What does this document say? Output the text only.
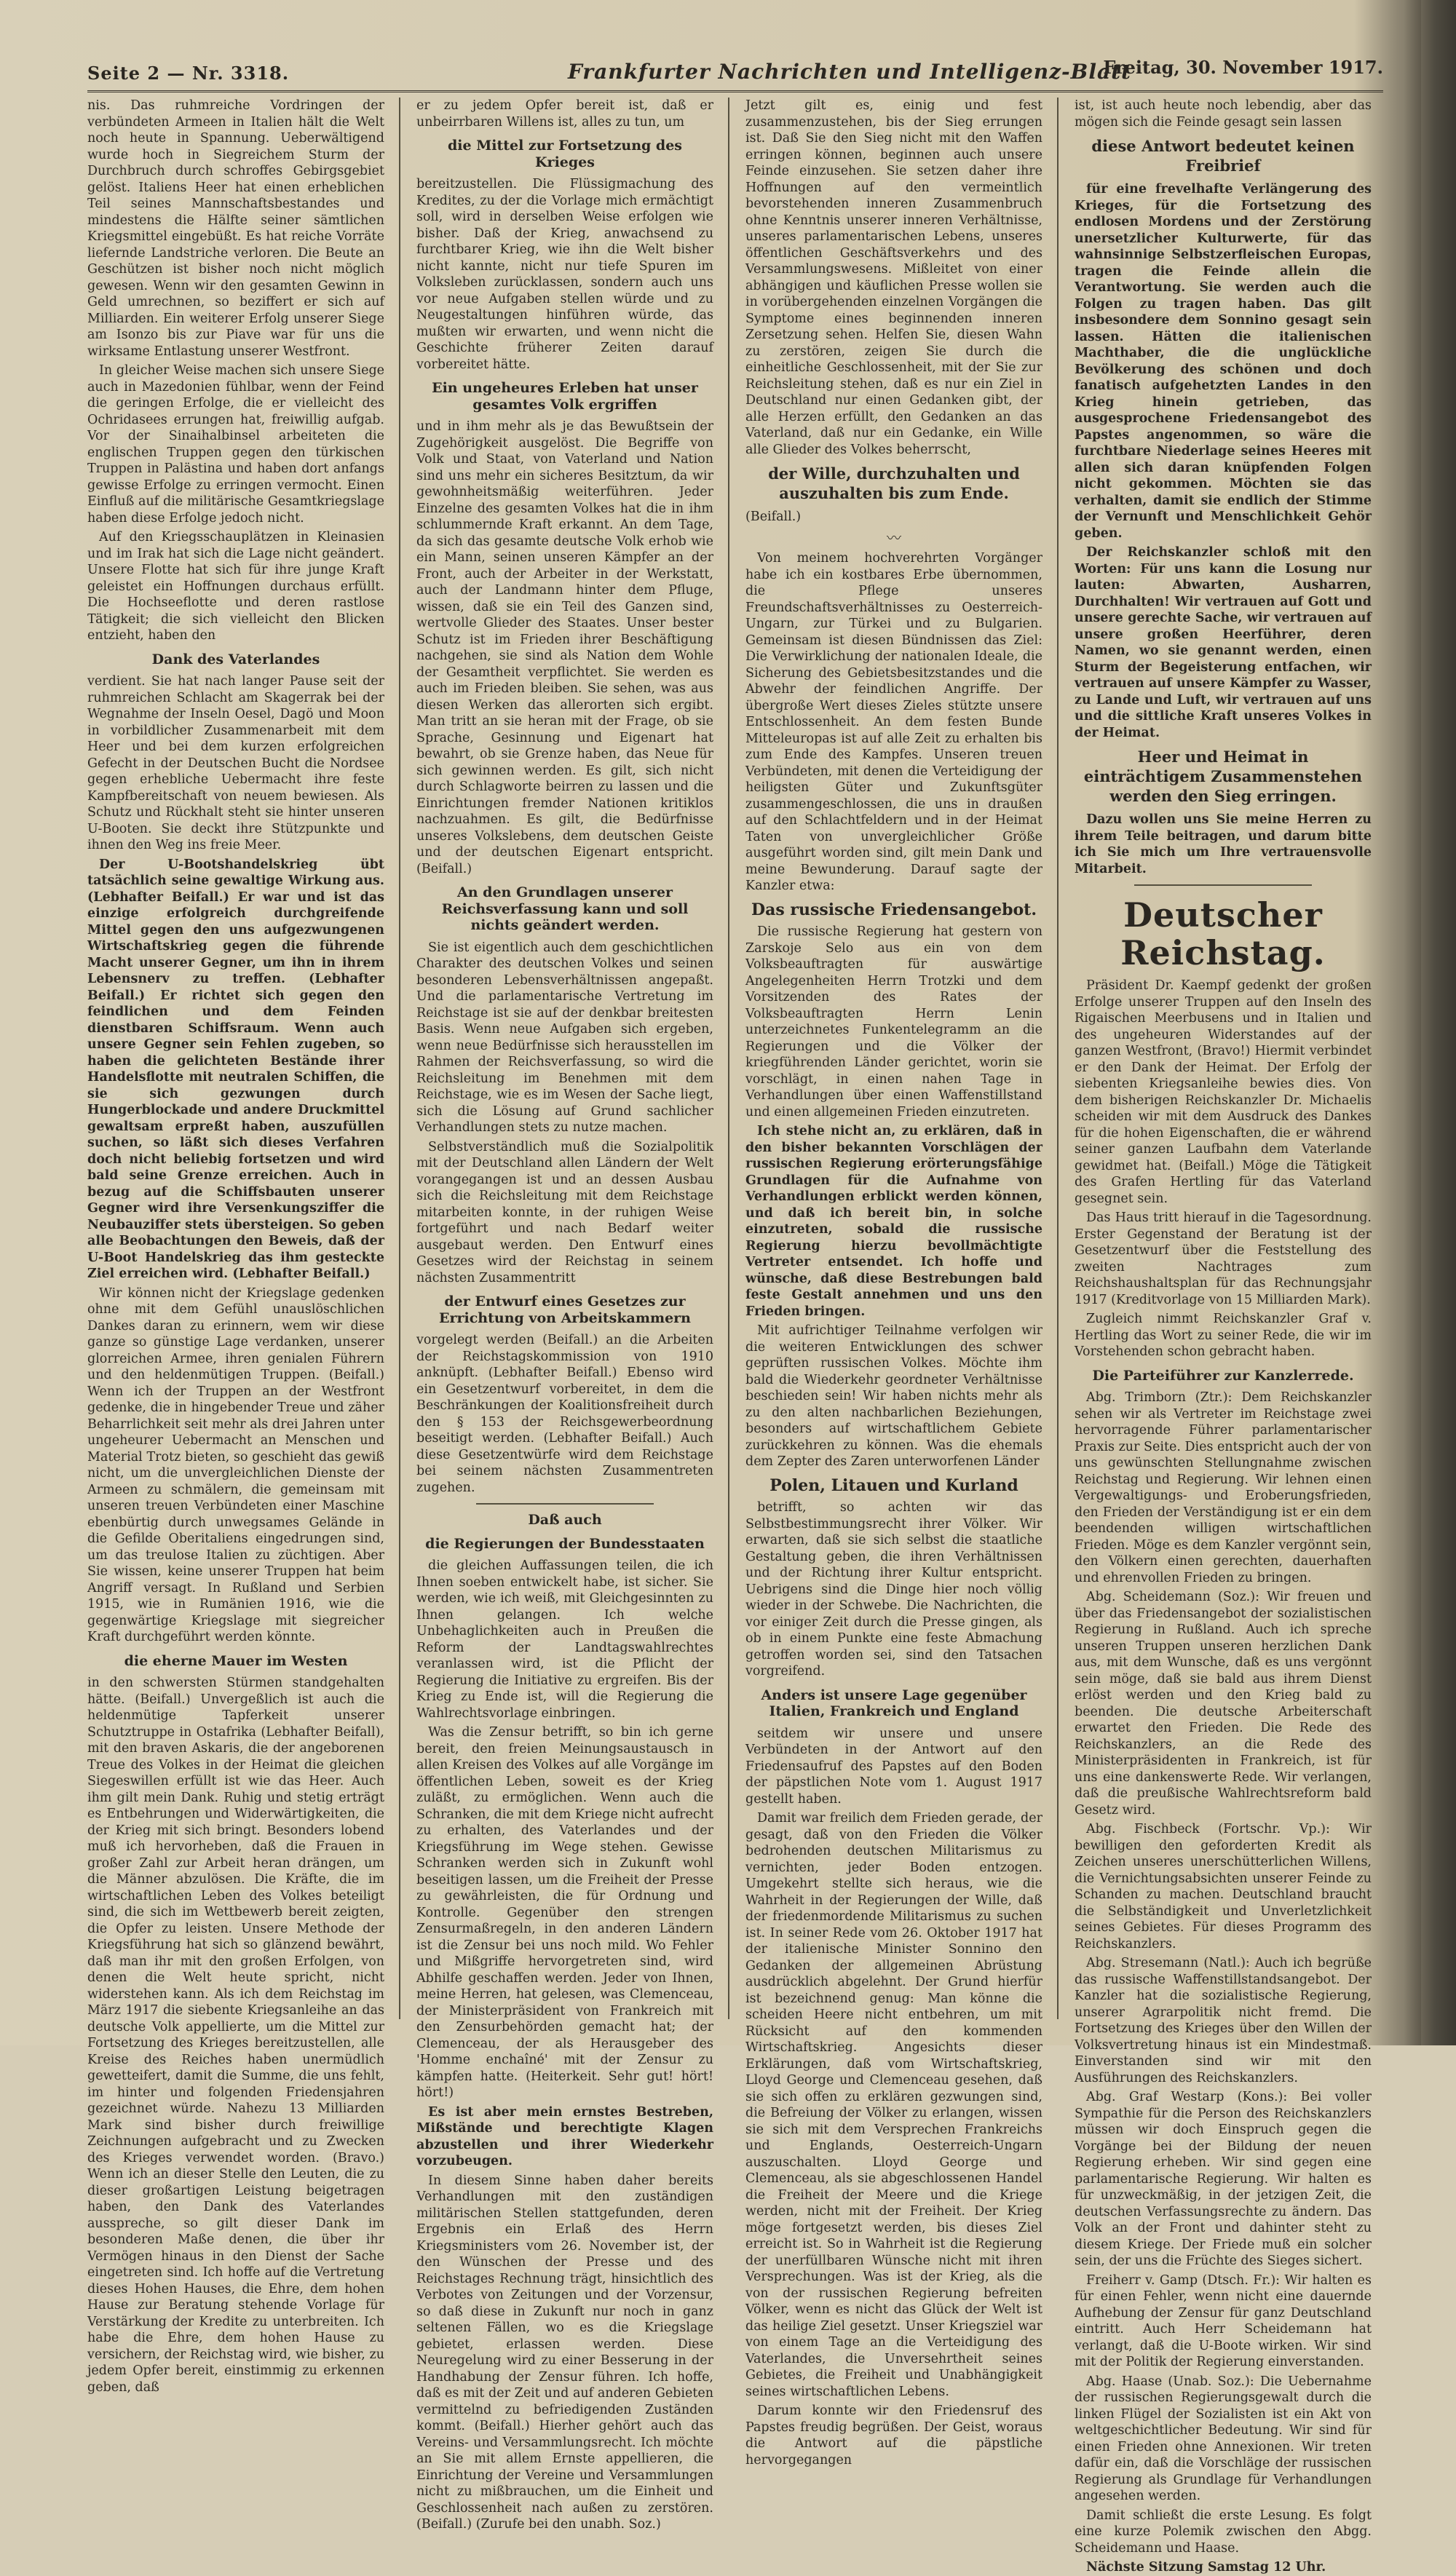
Seite 2 — Nr. 3318.	Frankfurter Nachrichten und Intelligenz-Blatt
Freitag, 30. November 1917.

nis. Das ruhmreiche Vordringen der verbündeten Armeen in Italien hält die Welt noch heute in Spannung. Ueberwältigend wurde hoch in Siegreichem Sturm der Durchbruch durch schroffes Gebirgsgebiet gelöst. Italiens Heer hat einen erheblichen Teil seines Mannschaftsbestandes und mindestens die Hälfte seiner sämtlichen Kriegsmittel eingebüßt. Es hat reiche Vorräte liefernde Landstriche verloren. Die Beute an Geschützen ist bisher noch nicht möglich gewesen. Wenn wir den gesamten Gewinn in Geld umrechnen, so beziffert er sich auf Milliarden. Ein weiterer Erfolg unserer Siege am Isonzo bis zur Piave war für uns die wirksame Entlastung unserer Westfront.

In gleicher Weise machen sich unsere Siege auch in Mazedonien fühlbar, wenn der Feind die geringen Erfolge, die er vielleicht des Ochridasees errungen hat, freiwillig aufgab. Vor der Sinaihalbinsel arbeiteten die englischen Truppen gegen den türkischen Truppen in Palästina und haben dort anfangs gewisse Erfolge zu erringen vermocht. Einen Einfluß auf die militärische Gesamtkriegslage haben diese Erfolge jedoch nicht.

Auf den Kriegsschauplätzen in Kleinasien und im Irak hat sich die Lage nicht geändert. Unsere Flotte hat sich für ihre junge Kraft geleistet ein Hoffnungen durchaus erfüllt. Die Hochseeflotte und deren rastlose Tätigkeit; die sich vielleicht den Blicken entzieht, haben den

Dank des Vaterlandes

verdient. Sie hat nach langer Pause seit der ruhmreichen Schlacht am Skagerrak bei der Wegnahme der Inseln Oesel, Dagö und Moon in vorbildlicher Zusammenarbeit mit dem Heer und bei dem kurzen erfolgreichen Gefecht in der Deutschen Bucht die Nordsee gegen erhebliche Uebermacht ihre feste Kampfbereitschaft von neuem bewiesen. Als Schutz und Rückhalt steht sie hinter unseren U-Booten. Sie deckt ihre Stützpunkte und ihnen den Weg ins freie Meer.

Der U-Bootshandelskrieg übt tatsächlich seine gewaltige Wirkung aus. (Lebhafter Beifall.) Er war und ist das einzige erfolgreich durchgreifende Mittel gegen den uns aufgezwungenen Wirtschaftskrieg gegen die führende Macht unserer Gegner, um ihn in ihrem Lebensnerv zu treffen. (Lebhafter Beifall.) Er richtet sich gegen den feindlichen und dem Feinden dienstbaren Schiffsraum. Wenn auch unsere Gegner sein Fehlen zugeben, so haben die gelichteten Bestände ihrer Handelsflotte mit neutralen Schiffen, die sie sich gezwungen durch Hungerblockade und andere Druckmittel gewaltsam erpreßt haben, auszufüllen suchen, so läßt sich dieses Verfahren doch nicht beliebig fortsetzen und wird bald seine Grenze erreichen. Auch in bezug auf die Schiffsbauten unserer Gegner wird ihre Versenkungsziffer die Neubauziffer stets übersteigen. So geben alle Beobachtungen den Beweis, daß der U-Boot Handelskrieg das ihm gesteckte Ziel erreichen wird. (Lebhafter Beifall.)

Wir können nicht der Kriegslage gedenken ohne mit dem Gefühl unauslöschlichen Dankes daran zu erinnern, wem wir diese ganze so günstige Lage verdanken, unserer glorreichen Armee, ihren genialen Führern und den heldenmütigen Truppen. (Beifall.) Wenn ich der Truppen an der Westfront gedenke, die in hingebender Treue und zäher Beharrlichkeit seit mehr als drei Jahren unter ungeheurer Uebermacht an Menschen und Material Trotz bieten, so geschieht das gewiß nicht, um die unvergleichlichen Dienste der Armeen zu schmälern, die gemeinsam mit unseren treuen Verbündeten einer Maschine ebenbürtig durch unwegsames Gelände in die Gefilde Oberitaliens eingedrungen sind, um das treulose Italien zu züchtigen. Aber Sie wissen, keine unserer Truppen hat beim Angriff versagt. In Rußland und Serbien 1915, wie in Rumänien 1916, wie die gegenwärtige Kriegslage mit siegreicher Kraft durchgeführt werden könnte.

die eherne Mauer im Westen

in den schwersten Stürmen standgehalten hätte. (Beifall.) Unvergeßlich ist auch die heldenmütige Tapferkeit unserer Schutztruppe in Ostafrika (Lebhafter Beifall), mit den braven Askaris, die der angeborenen Treue des Volkes in der Heimat die gleichen Siegeswillen erfüllt ist wie das Heer. Auch ihm gilt mein Dank. Ruhig und stetig erträgt es Entbehrungen und Widerwärtigkeiten, die der Krieg mit sich bringt. Besonders lobend muß ich hervorheben, daß die Frauen in großer Zahl zur Arbeit heran drängen, um die Männer abzulösen. Die Kräfte, die im wirtschaftlichen Leben des Volkes beteiligt sind, die sich im Wettbewerb bereit zeigten, die Opfer zu leisten. Unsere Methode der Kriegsführung hat sich so glänzend bewährt, daß man ihr mit den großen Erfolgen, von denen die Welt heute spricht, nicht widerstehen kann. Als ich dem Reichstag im März 1917 die siebente Kriegsanleihe an das deutsche Volk appellierte, um die Mittel zur Fortsetzung des Krieges bereitzustellen, alle Kreise des Reiches haben unermüdlich gewetteifert, damit die Summe, die uns fehlt, im hinter und folgenden Friedensjahren gezeichnet würde. Nahezu 13 Milliarden Mark sind bisher durch freiwillige Zeichnungen aufgebracht und zu Zwecken des Krieges verwendet worden. (Bravo.) Wenn ich an dieser Stelle den Leuten, die zu dieser großartigen Leistung beigetragen haben, den Dank des Vaterlandes ausspreche, so gilt dieser Dank im besonderen Maße denen, die über ihr Vermögen hinaus in den Dienst der Sache eingetreten sind. Ich hoffe auf die Vertretung dieses Hohen Hauses, die Ehre, dem hohen Hause zur Beratung stehende Vorlage für Verstärkung der Kredite zu unterbreiten. Ich habe die Ehre, dem hohen Hause zu versichern, der Reichstag wird, wie bisher, zu jedem Opfer bereit, einstimmig zu erkennen geben, daß

er zu jedem Opfer bereit ist, daß er unbeirrbaren Willens ist, alles zu tun, um

die Mittel zur Fortsetzung des Krieges

bereitzustellen. Die Flüssigmachung des Kredites, zu der die Vorlage mich ermächtigt soll, wird in derselben Weise erfolgen wie bisher. Daß der Krieg, anwachsend zu furchtbarer Krieg, wie ihn die Welt bisher nicht kannte, nicht nur tiefe Spuren im Volksleben zurücklassen, sondern auch uns vor neue Aufgaben stellen würde und zu Neugestaltungen hinführen würde, das mußten wir erwarten, und wenn nicht die Geschichte früherer Zeiten darauf vorbereitet hätte.

Ein ungeheures Erleben hat unser gesamtes Volk ergriffen

und in ihm mehr als je das Bewußtsein der Zugehörigkeit ausgelöst. Die Begriffe von Volk und Staat, von Vaterland und Nation sind uns mehr ein sicheres Besitztum, da wir gewohnheitsmäßig weiterführen. Jeder Einzelne des gesamten Volkes hat die in ihm schlummernde Kraft erkannt. An dem Tage, da sich das gesamte deutsche Volk erhob wie ein Mann, seinen unseren Kämpfer an der Front, auch der Arbeiter in der Werkstatt, auch der Landmann hinter dem Pfluge, wissen, daß sie ein Teil des Ganzen sind, wertvolle Glieder des Staates. Unser bester Schutz ist im Frieden ihrer Beschäftigung nachgehen, sie sind als Nation dem Wohle der Gesamtheit verpflichtet. Sie werden es auch im Frieden bleiben. Sie sehen, was aus diesen Werken das allerorten sich ergibt. Man tritt an sie heran mit der Frage, ob sie Sprache, Gesinnung und Eigenart hat bewahrt, ob sie Grenze haben, das Neue für sich gewinnen werden. Es gilt, sich nicht durch Schlagworte beirren zu lassen und die Einrichtungen fremder Nationen kritiklos nachzuahmen. Es gilt, die Bedürfnisse unseres Volkslebens, dem deutschen Geiste und der deutschen Eigenart entspricht. (Beifall.)

An den Grundlagen unserer Reichsverfassung kann und soll nichts geändert werden.

Sie ist eigentlich auch dem geschichtlichen Charakter des deutschen Volkes und seinen besonderen Lebensverhältnissen angepaßt. Und die parlamentarische Vertretung im Reichstage ist sie auf der denkbar breitesten Basis. Wenn neue Aufgaben sich ergeben, wenn neue Bedürfnisse sich herausstellen im Rahmen der Reichsverfassung, so wird die Reichsleitung im Benehmen mit dem Reichstage, wie es im Wesen der Sache liegt, sich die Lösung auf Grund sachlicher Verhandlungen stets zu nutze machen.

Selbstverständlich muß die Sozialpolitik mit der Deutschland allen Ländern der Welt vorangegangen ist und an dessen Ausbau sich die Reichsleitung mit dem Reichstage mitarbeiten konnte, in der ruhigen Weise fortgeführt und nach Bedarf weiter ausgebaut werden. Den Entwurf eines Gesetzes wird der Reichstag in seinem nächsten Zusammentritt

der Entwurf eines Gesetzes zur Errichtung von Arbeitskammern

vorgelegt werden (Beifall.) an die Arbeiten der Reichstagskommission von 1910 anknüpft. (Lebhafter Beifall.) Ebenso wird ein Gesetzentwurf vorbereitet, in dem die Beschränkungen der Koalitionsfreiheit durch den § 153 der Reichsgewerbeordnung beseitigt werden. (Lebhafter Beifall.) Auch diese Gesetzentwürfe wird dem Reichstage bei seinem nächsten Zusammentreten zugehen.

Daß auch
die Regierungen der Bundesstaaten

die gleichen Auffassungen teilen, die ich Ihnen soeben entwickelt habe, ist sicher. Sie werden, wie ich weiß, mit Gleichgesinnten zu Ihnen gelangen. Ich welche Unbehaglichkeiten auch in Preußen die Reform der Landtagswahlrechtes veranlassen wird, ist die Pflicht der Regierung die Initiative zu ergreifen. Bis der Krieg zu Ende ist, will die Regierung die Wahlrechtsvorlage einbringen.

Was die Zensur betrifft, so bin ich gerne bereit, den freien Meinungsaustausch in allen Kreisen des Volkes auf alle Vorgänge im öffentlichen Leben, soweit es der Krieg zuläßt, zu ermöglichen. Wenn auch die Schranken, die mit dem Kriege nicht aufrecht zu erhalten, des Vaterlandes und der Kriegsführung im Wege stehen. Gewisse Schranken werden sich in Zukunft wohl beseitigen lassen, um die Freiheit der Presse zu gewährleisten, die für Ordnung und Kontrolle. Gegenüber den strengen Zensurmaßregeln, in den anderen Ländern ist die Zensur bei uns noch mild. Wo Fehler und Mißgriffe hervorgetreten sind, wird Abhilfe geschaffen werden. Jeder von Ihnen, meine Herren, hat gelesen, was Clemenceau, der Ministerpräsident von Frankreich mit den Zensurbehörden gemacht hat; der Clemenceau, der als Herausgeber des 'Homme enchaîné' mit der Zensur zu kämpfen hatte. (Heiterkeit. Sehr gut! hört! hört!)

Es ist aber mein ernstes Bestreben, Mißstände und berechtigte Klagen abzustellen und ihrer Wiederkehr vorzubeugen.

In diesem Sinne haben daher bereits Verhandlungen mit den zuständigen militärischen Stellen stattgefunden, deren Ergebnis ein Erlaß des Herrn Kriegsministers vom 26. November ist, der den Wünschen der Presse und des Reichstages Rechnung trägt, hinsichtlich des Verbotes von Zeitungen und der Vorzensur, so daß diese in Zukunft nur noch in ganz seltenen Fällen, wo es die Kriegslage gebietet, erlassen werden. Diese Neuregelung wird zu einer Besserung in der Handhabung der Zensur führen. Ich hoffe, daß es mit der Zeit und auf anderen Gebieten vermittelnd zu befriedigenden Zuständen kommt. (Beifall.) Hierher gehört auch das Vereins- und Versammlungsrecht. Ich möchte an Sie mit allem Ernste appellieren, die Einrichtung der Vereine und Versammlungen nicht zu mißbrauchen, um die Einheit und Geschlossenheit nach außen zu zerstören. (Beifall.) (Zurufe bei den unabh. Soz.)

Jetzt gilt es, einig und fest zusammenzustehen, bis der Sieg errungen ist. Daß Sie den Sieg nicht mit den Waffen erringen können, beginnen auch unsere Feinde einzusehen. Sie setzen daher ihre Hoffnungen auf den vermeintlich bevorstehenden inneren Zusammenbruch ohne Kenntnis unserer inneren Verhältnisse, unseres parlamentarischen Lebens, unseres öffentlichen Geschäftsverkehrs und des Versammlungswesens. Mißleitet von einer abhängigen und käuflichen Presse wollen sie in vorübergehenden einzelnen Vorgängen die Symptome eines beginnenden inneren Zersetzung sehen. Helfen Sie, diesen Wahn zu zerstören, zeigen Sie durch die einheitliche Geschlossenheit, mit der Sie zur Reichsleitung stehen, daß es nur ein Ziel in Deutschland nur einen Gedanken gibt, der alle Herzen erfüllt, den Gedanken an das Vaterland, daß nur ein Gedanke, ein Wille alle Glieder des Volkes beherrscht,

der Wille, durchzuhalten und auszuhalten bis zum Ende.

(Beifall.)

〰

Von meinem hochverehrten Vorgänger habe ich ein kostbares Erbe übernommen, die Pflege unseres Freundschaftsverhältnisses zu Oesterreich-Ungarn, zur Türkei und zu Bulgarien. Gemeinsam ist diesen Bündnissen das Ziel: Die Verwirklichung der nationalen Ideale, die Sicherung des Gebietsbesitzstandes und die Abwehr der feindlichen Angriffe. Der übergroße Wert dieses Zieles stützte unsere Entschlossenheit. An dem festen Bunde Mitteleuropas ist auf alle Zeit zu erhalten bis zum Ende des Kampfes. Unseren treuen Verbündeten, mit denen die Verteidigung der heiligsten Güter und Zukunftsgüter zusammengeschlossen, die uns in draußen auf den Schlachtfeldern und in der Heimat Taten von unvergleichlicher Größe ausgeführt worden sind, gilt mein Dank und meine Bewunderung. Darauf sagte der Kanzler etwa:

Das russische Friedensangebot.

Die russische Regierung hat gestern von Zarskoje Selo aus ein von dem Volksbeauftragten für auswärtige Angelegenheiten Herrn Trotzki und dem Vorsitzenden des Rates der Volksbeauftragten Herrn Lenin unterzeichnetes Funkentelegramm an die Regierungen und die Völker der kriegführenden Länder gerichtet, worin sie vorschlägt, in einen nahen Tage in Verhandlungen über einen Waffenstillstand und einen allgemeinen Frieden einzutreten.

Ich stehe nicht an, zu erklären, daß in den bisher bekannten Vorschlägen der russischen Regierung erörterungsfähige Grundlagen für die Aufnahme von Verhandlungen erblickt werden können, und daß ich bereit bin, in solche einzutreten, sobald die russische Regierung hierzu bevollmächtigte Vertreter entsendet. Ich hoffe und wünsche, daß diese Bestrebungen bald feste Gestalt annehmen und uns den Frieden bringen.

Mit aufrichtiger Teilnahme verfolgen wir die weiteren Entwicklungen des schwer geprüften russischen Volkes. Möchte ihm bald die Wiederkehr geordneter Verhältnisse beschieden sein! Wir haben nichts mehr als zu den alten nachbarlichen Beziehungen, besonders auf wirtschaftlichem Gebiete zurückkehren zu können. Was die ehemals dem Zepter des Zaren unterworfenen Länder

Polen, Litauen und Kurland

betrifft, so achten wir das Selbstbestimmungsrecht ihrer Völker. Wir erwarten, daß sie sich selbst die staatliche Gestaltung geben, die ihren Verhältnissen und der Richtung ihrer Kultur entspricht. Uebrigens sind die Dinge hier noch völlig wieder in der Schwebe. Die Nachrichten, die vor einiger Zeit durch die Presse gingen, als ob in einem Punkte eine feste Abmachung getroffen worden sei, sind den Tatsachen vorgreifend.

Anders ist unsere Lage gegenüber Italien, Frankreich und England

seitdem wir unsere und unsere Verbündeten in der Antwort auf den Friedensaufruf des Papstes auf den Boden der päpstlichen Note vom 1. August 1917 gestellt haben.

Damit war freilich dem Frieden gerade, der gesagt, daß von den Frieden die Völker bedrohenden deutschen Militarismus zu vernichten, jeder Boden entzogen. Umgekehrt stellte sich heraus, wie die Wahrheit in der Regierungen der Wille, daß der friedenmordende Militarismus zu suchen ist. In seiner Rede vom 26. Oktober 1917 hat der italienische Minister Sonnino den Gedanken der allgemeinen Abrüstung ausdrücklich abgelehnt. Der Grund hierfür ist bezeichnend genug: Man könne die scheiden Heere nicht entbehren, um mit Rücksicht auf den kommenden Wirtschaftskrieg. Angesichts dieser Erklärungen, daß vom Wirtschaftskrieg, Lloyd George und Clemenceau gesehen, daß sie sich offen zu erklären gezwungen sind, die Befreiung der Völker zu erlangen, wissen sie sich mit dem Versprechen Frankreichs und Englands, Oesterreich-Ungarn auszuschalten. Lloyd George und Clemenceau, als sie abgeschlossenen Handel die Freiheit der Meere und die Kriege werden, nicht mit der Freiheit. Der Krieg möge fortgesetzt werden, bis dieses Ziel erreicht ist. So in Wahrheit ist die Regierung der unerfüllbaren Wünsche nicht mit ihren Versprechungen. Was ist der Krieg, als die von der russischen Regierung befreiten Völker, wenn es nicht das Glück der Welt ist das heilige Ziel gesetzt. Unser Kriegsziel war von einem Tage an die Verteidigung des Vaterlandes, die Unversehrtheit seines Gebietes, die Freiheit und Unabhängigkeit seines wirtschaftlichen Lebens.

Darum konnte wir den Friedensruf des Papstes freudig begrüßen. Der Geist, woraus die Antwort auf die päpstliche hervorgegangen

ist, ist auch heute noch lebendig, aber das mögen sich die Feinde gesagt sein lassen

diese Antwort bedeutet keinen Freibrief

für eine frevelhafte Verlängerung des Krieges, für die Fortsetzung des endlosen Mordens und der Zerstörung unersetzlicher Kulturwerte, für das wahnsinnige Selbstzerfleischen Europas, tragen die Feinde allein die Verantwortung. Sie werden auch die Folgen zu tragen haben. Das gilt insbesondere dem Sonnino gesagt sein lassen. Hätten die italienischen Machthaber, die die unglückliche Bevölkerung des schönen und doch fanatisch aufgehetzten Landes in den Krieg hinein getrieben, das ausgesprochene Friedensangebot des Papstes angenommen, so wäre die furchtbare Niederlage seines Heeres mit allen sich daran knüpfenden Folgen nicht gekommen. Möchten sie das verhalten, damit sie endlich der Stimme der Vernunft und Menschlichkeit Gehör geben.

Der Reichskanzler schloß mit den Worten: Für uns kann die Losung nur lauten: Abwarten, Ausharren, Durchhalten! Wir vertrauen auf Gott und unsere gerechte Sache, wir vertrauen auf unsere großen Heerführer, deren Namen, wo sie genannt werden, einen Sturm der Begeisterung entfachen, wir vertrauen auf unsere Kämpfer zu Wasser, zu Lande und Luft, wir vertrauen auf uns und die sittliche Kraft unseres Volkes in der Heimat.

Heer und Heimat in einträchtigem Zusammenstehen werden den Sieg erringen.

Dazu wollen uns Sie meine Herren zu ihrem Teile beitragen, und darum bitte ich Sie mich um Ihre vertrauensvolle Mitarbeit.

Deutscher Reichstag.

Präsident Dr. Kaempf gedenkt der großen Erfolge unserer Truppen auf den Inseln des Rigaischen Meerbusens und in Italien und des ungeheuren Widerstandes auf der ganzen Westfront, (Bravo!) Hiermit verbindet er den Dank der Heimat. Der Erfolg der siebenten Kriegsanleihe bewies dies. Von dem bisherigen Reichskanzler Dr. Michaelis scheiden wir mit dem Ausdruck des Dankes für die hohen Eigenschaften, die er während seiner ganzen Laufbahn dem Vaterlande gewidmet hat. (Beifall.) Möge die Tätigkeit des Grafen Hertling für das Vaterland gesegnet sein.

Das Haus tritt hierauf in die Tagesordnung. Erster Gegenstand der Beratung ist der Gesetzentwurf über die Feststellung des zweiten Nachtrages zum Reichshaushaltsplan für das Rechnungsjahr 1917 (Kreditvorlage von 15 Milliarden Mark).

Zugleich nimmt Reichskanzler Graf v. Hertling das Wort zu seiner Rede, die wir im Vorstehenden schon gebracht haben.

Die Parteiführer zur Kanzlerrede.

Abg. Trimborn (Ztr.): Dem Reichskanzler sehen wir als Vertreter im Reichstage zwei hervorragende Führer parlamentarischer Praxis zur Seite. Dies entspricht auch der von uns gewünschten Stellungnahme zwischen Reichstag und Regierung. Wir lehnen einen Vergewaltigungs- und Eroberungsfrieden, den Frieden der Verständigung ist er ein dem beendenden willigen wirtschaftlichen Frieden. Möge es dem Kanzler vergönnt sein, den Völkern einen gerechten, dauerhaften und ehrenvollen Frieden zu bringen.

Abg. Scheidemann (Soz.): Wir freuen und über das Friedensangebot der sozialistischen Regierung in Rußland. Auch ich spreche unseren Truppen unseren herzlichen Dank aus, mit dem Wunsche, daß es uns vergönnt sein möge, daß sie bald aus ihrem Dienst erlöst werden und den Krieg bald zu beenden. Die deutsche Arbeiterschaft erwartet den Frieden. Die Rede des Reichskanzlers, an die Rede des Ministerpräsidenten in Frankreich, ist für uns eine dankenswerte Rede. Wir verlangen, daß die preußische Wahlrechtsreform bald Gesetz wird.

Abg. Fischbeck (Fortschr. Vp.): Wir bewilligen den geforderten Kredit als Zeichen unseres unerschütterlichen Willens, die Vernichtungsabsichten unserer Feinde zu Schanden zu machen. Deutschland braucht die Selbständigkeit und Unverletzlichkeit seines Gebietes. Für dieses Programm des Reichskanzlers.

Abg. Stresemann (Natl.): Auch ich begrüße das russische Waffenstillstandsangebot. Der Kanzler hat die sozialistische Regierung, unserer Agrarpolitik nicht fremd. Die Fortsetzung des Krieges über den Willen der Volksvertretung hinaus ist ein Mindestmaß. Einverstanden sind wir mit den Ausführungen des Reichskanzlers.

Abg. Graf Westarp (Kons.): Bei voller Sympathie für die Person des Reichskanzlers müssen wir doch Einspruch gegen die Vorgänge bei der Bildung der neuen Regierung erheben. Wir sind gegen eine parlamentarische Regierung. Wir halten es für unzweckmäßig, in der jetzigen Zeit, die deutschen Verfassungsrechte zu ändern. Das Volk an der Front und dahinter steht zu diesem Kriege. Der Friede muß ein solcher sein, der uns die Früchte des Sieges sichert.

Freiherr v. Gamp (Dtsch. Fr.): Wir halten es für einen Fehler, wenn nicht eine dauernde Aufhebung der Zensur für ganz Deutschland eintritt. Auch Herr Scheidemann hat verlangt, daß die U-Boote wirken. Wir sind mit der Politik der Regierung einverstanden.

Abg. Haase (Unab. Soz.): Die Uebernahme der russischen Regierungsgewalt durch die linken Flügel der Sozialisten ist ein Akt von weltgeschichtlicher Bedeutung. Wir sind für einen Frieden ohne Annexionen. Wir treten dafür ein, daß die Vorschläge der russischen Regierung als Grundlage für Verhandlungen angesehen werden.

Damit schließt die erste Lesung. Es folgt eine kurze Polemik zwischen den Abgg. Scheidemann und Haase.

Nächste Sitzung Samstag 12 Uhr.
